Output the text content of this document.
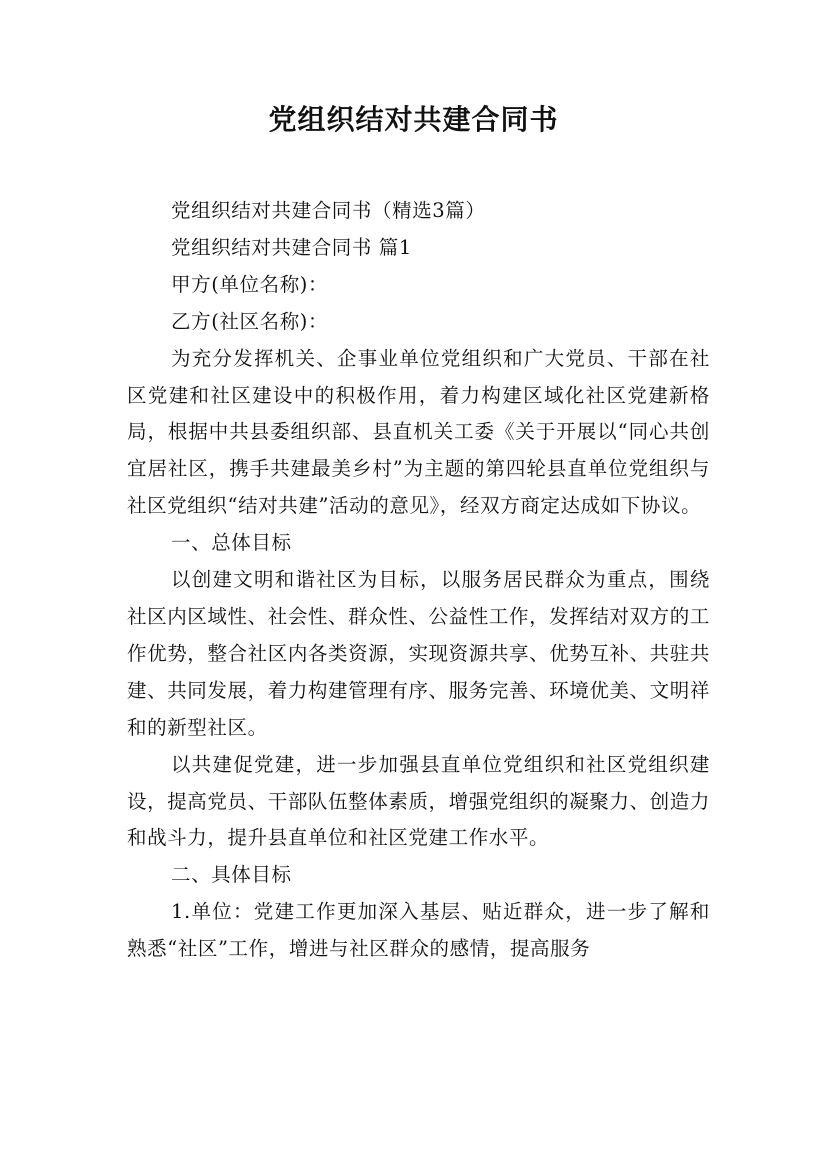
党组织结对共建合同书

党组织结对共建合同书（精选3篇）

党组织结对共建合同书 篇1

甲方(单位名称)：

乙方(社区名称)：

为充分发挥机关、企事业单位党组织和广大党员、干部在社区党建和社区建设中的积极作用，着力构建区域化社区党建新格局，根据中共县委组织部、县直机关工委《关于开展以“同心共创宜居社区，携手共建最美乡村”为主题的第四轮县直单位党组织与社区党组织“结对共建”活动的意见》，经双方商定达成如下协议。

一、总体目标

以创建文明和谐社区为目标，以服务居民群众为重点，围绕社区内区域性、社会性、群众性、公益性工作，发挥结对双方的工作优势，整合社区内各类资源，实现资源共享、优势互补、共驻共建、共同发展，着力构建管理有序、服务完善、环境优美、文明祥和的新型社区。

以共建促党建，进一步加强县直单位党组织和社区党组织建设，提高党员、干部队伍整体素质，增强党组织的凝聚力、创造力和战斗力，提升县直单位和社区党建工作水平。

二、具体目标

1.单位：党建工作更加深入基层、贴近群众，进一步了解和熟悉“社区”工作，增进与社区群众的感情，提高服务
